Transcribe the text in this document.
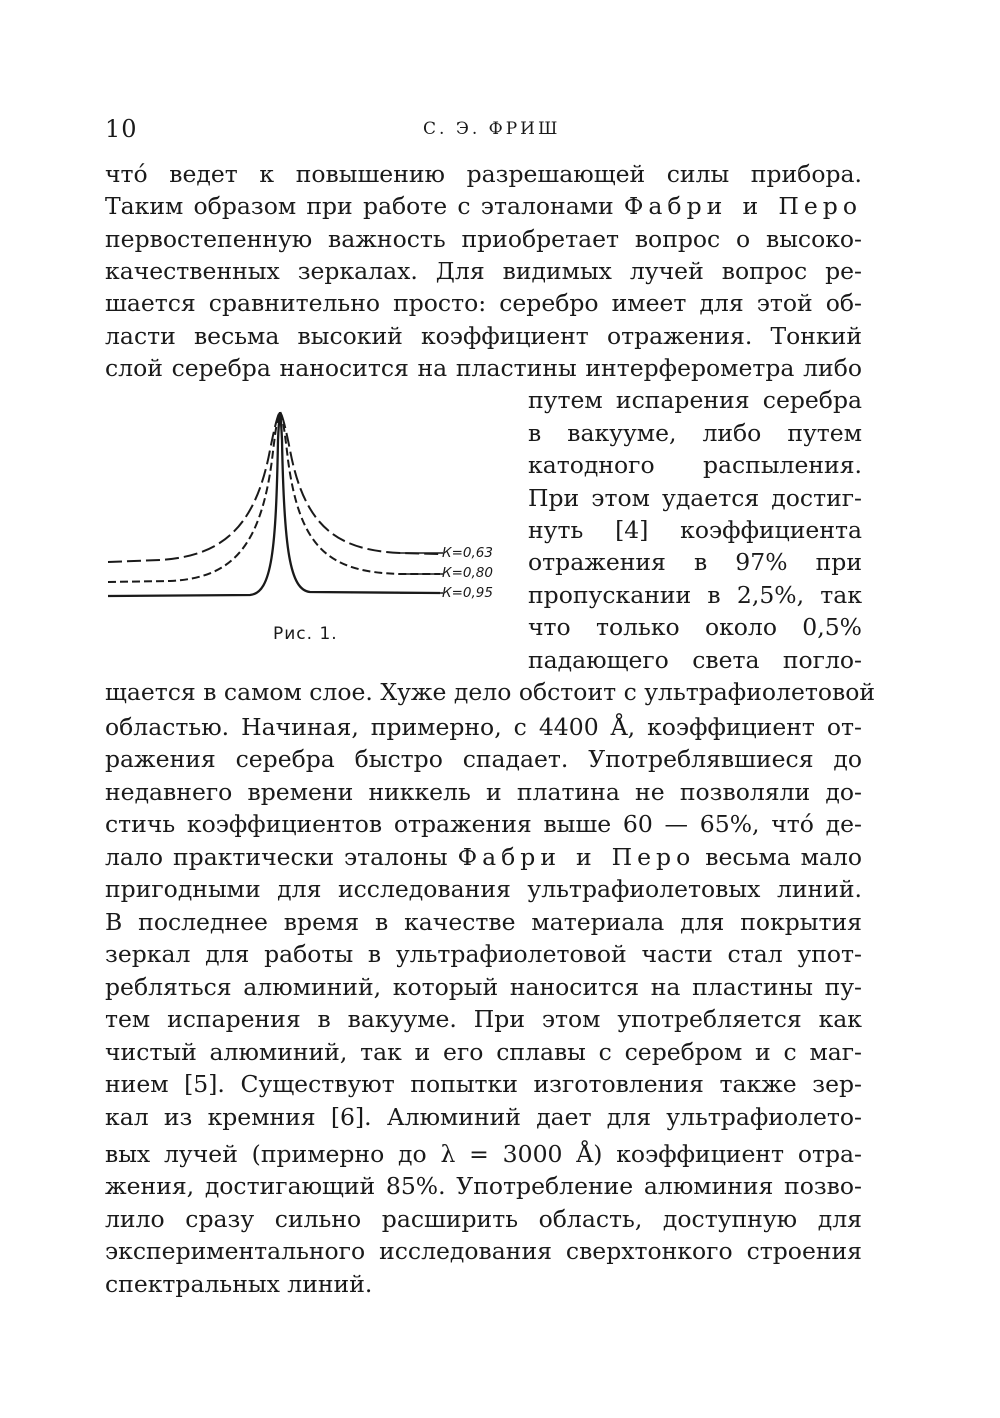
10	С. Э. ФРИШ
что́ ведет к повышению разрешающей силы прибора.
Таким образом при работе с эталонами Фабри и Перо
первостепенную важность приобретает вопрос о высоко-
качественных зеркалах. Для видимых лучей вопрос ре-
шается сравнительно просто: серебро имеет для этой об-
ласти весьма высокий коэффициент отражения. Тонкий
слой серебра наносится на пластины интерферометра либо
путем испарения серебра
в вакууме, либо путем
катодного распыления.
При этом удается достиг-
нуть [4] коэффициента
отражения в 97% при
пропускании в 2,5%, так
что только около 0,5%
падающего света погло-
К=0,63
К=0,80
К=0,95
Рис. 1.
щается в самом слое. Хуже дело обстоит с ультрафиолетовой
областью. Начиная, примерно, с 4400 Å, коэффициент от-
ражения серебра быстро спадает. Употреблявшиеся до
недавнего времени никкель и платина не позволяли до-
стичь коэффициентов отражения выше 60 — 65%, что́ де-
лало практически эталоны Фабри и Перо весьма мало
пригодными для исследования ультрафиолетовых линий.
В последнее время в качестве материала для покрытия
зеркал для работы в ультрафиолетовой части стал упот-
ребляться алюминий, который наносится на пластины пу-
тем испарения в вакууме. При этом употребляется как
чистый алюминий, так и его сплавы с серебром и с маг-
нием [5]. Существуют попытки изготовления также зер-
кал из кремния [6]. Алюминий дает для ультрафиолето-
вых лучей (примерно до λ = 3000 Å) коэффициент отра-
жения, достигающий 85%. Употребление алюминия позво-
лило сразу сильно расширить область, доступную для
экспериментального исследования сверхтонкого строения
спектральных линий.
